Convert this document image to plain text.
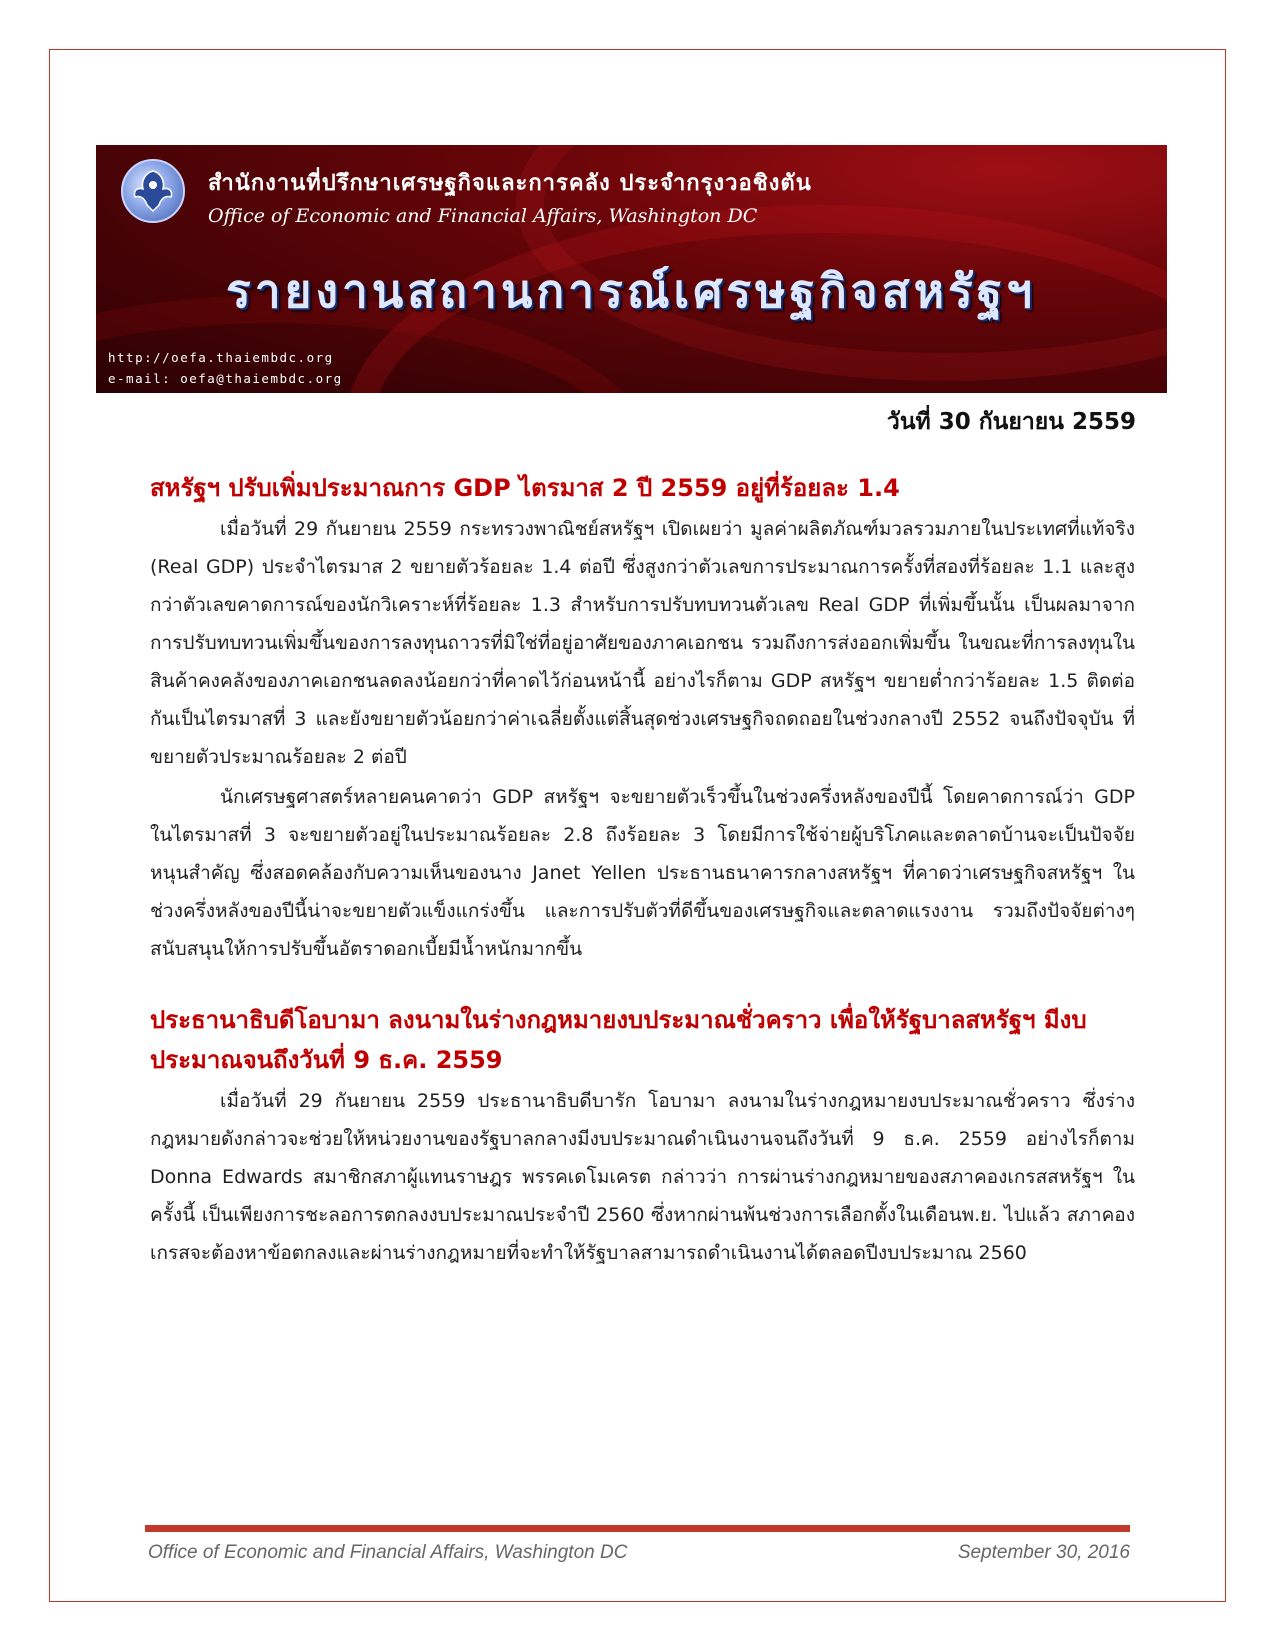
สำนักงานที่ปรึกษาเศรษฐกิจและการคลัง ประจำกรุงวอชิงตัน
Office of Economic and Financial Affairs, Washington DC
รายงานสถานการณ์เศรษฐกิจสหรัฐฯ
http://oefa.thaiembdc.org
e-mail: oefa@thaiembdc.org
วันที่ 30 กันยายน 2559
สหรัฐฯ ปรับเพิ่มประมาณการ GDP ไตรมาส 2 ปี 2559 อยู่ที่ร้อยละ 1.4

เมื่อวันที่ 29 กันยายน 2559 กระทรวงพาณิชย์สหรัฐฯ เปิดเผยว่า มูลค่าผลิตภัณฑ์มวลรวมภายในประเทศที่แท้จริง (Real GDP) ประจำไตรมาส 2 ขยายตัวร้อยละ 1.4 ต่อปี ซึ่งสูงกว่าตัวเลขการประมาณการครั้งที่สองที่ร้อยละ 1.1 และสูงกว่าตัวเลขคาดการณ์ของนักวิเคราะห์ที่ร้อยละ 1.3 สำหรับการปรับทบทวนตัวเลข Real GDP ที่เพิ่มขึ้นนั้น เป็นผลมาจากการปรับทบทวนเพิ่มขึ้นของการลงทุนถาวรที่มิใช่ที่อยู่อาศัยของภาคเอกชน รวมถึงการส่งออกเพิ่มขึ้น ในขณะที่การลงทุนในสินค้าคงคลังของภาคเอกชนลดลงน้อยกว่าที่คาดไว้ก่อนหน้านี้ อย่างไรก็ตาม GDP สหรัฐฯ ขยายต่ำกว่าร้อยละ 1.5 ติดต่อกันเป็นไตรมาสที่ 3 และยังขยายตัวน้อยกว่าค่าเฉลี่ยตั้งแต่สิ้นสุดช่วงเศรษฐกิจถดถอยในช่วงกลางปี 2552 จนถึงปัจจุบัน ที่ขยายตัวประมาณร้อยละ 2 ต่อปี

นักเศรษฐศาสตร์หลายคนคาดว่า GDP สหรัฐฯ จะขยายตัวเร็วขึ้นในช่วงครึ่งหลังของปีนี้ โดยคาดการณ์ว่า GDP ในไตรมาสที่ 3 จะขยายตัวอยู่ในประมาณร้อยละ 2.8 ถึงร้อยละ 3 โดยมีการใช้จ่ายผู้บริโภคและตลาดบ้านจะเป็นปัจจัยหนุนสำคัญ ซึ่งสอดคล้องกับความเห็นของนาง Janet Yellen ประธานธนาคารกลางสหรัฐฯ ที่คาดว่าเศรษฐกิจสหรัฐฯ ในช่วงครึ่งหลังของปีนี้น่าจะขยายตัวแข็งแกร่งขึ้น และการปรับตัวที่ดีขึ้นของเศรษฐกิจและตลาดแรงงาน รวมถึงปัจจัยต่างๆ สนับสนุนให้การปรับขึ้นอัตราดอกเบี้ยมีน้ำหนักมากขึ้น

ประธานาธิบดีโอบามา ลงนามในร่างกฎหมายงบประมาณชั่วคราว เพื่อให้รัฐบาลสหรัฐฯ มีงบประมาณจนถึงวันที่ 9 ธ.ค. 2559

เมื่อวันที่ 29 กันยายน 2559 ประธานาธิบดีบารัก โอบามา ลงนามในร่างกฎหมายงบประมาณชั่วคราว ซึ่งร่างกฎหมายดังกล่าวจะช่วยให้หน่วยงานของรัฐบาลกลางมีงบประมาณดำเนินงานจนถึงวันที่ 9 ธ.ค. 2559 อย่างไรก็ตาม Donna Edwards สมาชิกสภาผู้แทนราษฎร พรรคเดโมเครต กล่าวว่า การผ่านร่างกฎหมายของสภาคองเกรสสหรัฐฯ ในครั้งนี้ เป็นเพียงการชะลอการตกลงงบประมาณประจำปี 2560 ซึ่งหากผ่านพ้นช่วงการเลือกตั้งในเดือนพ.ย. ไปแล้ว สภาคองเกรสจะต้องหาข้อตกลงและผ่านร่างกฎหมายที่จะทำให้รัฐบาลสามารถดำเนินงานได้ตลอดปีงบประมาณ 2560

Office of Economic and Financial Affairs, Washington DC	September 30, 2016
